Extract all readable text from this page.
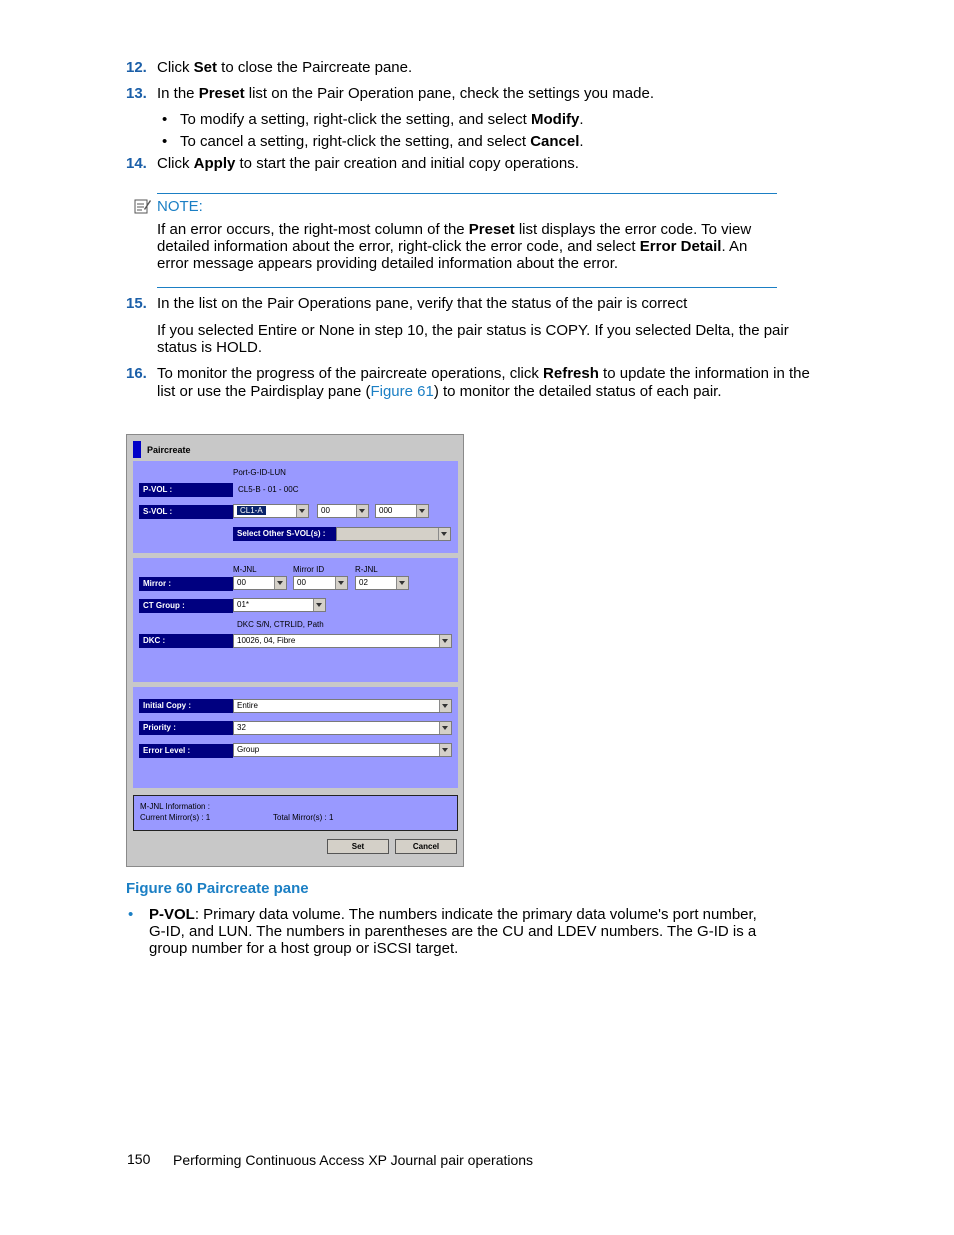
12. Click Set to close the Paircreate pane.
13. In the Preset list on the Pair Operation pane, check the settings you made.
• To modify a setting, right-click the setting, and select Modify.
• To cancel a setting, right-click the setting, and select Cancel.
14. Click Apply to start the pair creation and initial copy operations.
NOTE:
If an error occurs, the right-most column of the Preset list displays the error code. To view detailed information about the error, right-click the error code, and select Error Detail. An error message appears providing detailed information about the error.
15. In the list on the Pair Operations pane, verify that the status of the pair is correct
If you selected Entire or None in step 10, the pair status is COPY. If you selected Delta, the pair status is HOLD.
16. To monitor the progress of the paircreate operations, click Refresh to update the information in the list or use the Pairdisplay pane (Figure 61) to monitor the detailed status of each pair.
Paircreate
Port-G-ID-LUN
P-VOL :	CL5-B - 01 - 00C
S-VOL :	CL1-A	00	000
Select Other S-VOL(s) :
M-JNL	Mirror ID	R-JNL
Mirror :	00	00	02
CT Group :	01*
DKC S/N, CTRLID, Path
DKC :	10026, 04, Fibre
Initial Copy :	Entire
Priority :	32
Error Level :	Group
M-JNL Information :
Current Mirror(s) : 1	Total Mirror(s) : 1
Set	Cancel
Figure 60 Paircreate pane
• P-VOL: Primary data volume. The numbers indicate the primary data volume's port number, G-ID, and LUN. The numbers in parentheses are the CU and LDEV numbers. The G-ID is a group number for a host group or iSCSI target.
150 Performing Continuous Access XP Journal pair operations
